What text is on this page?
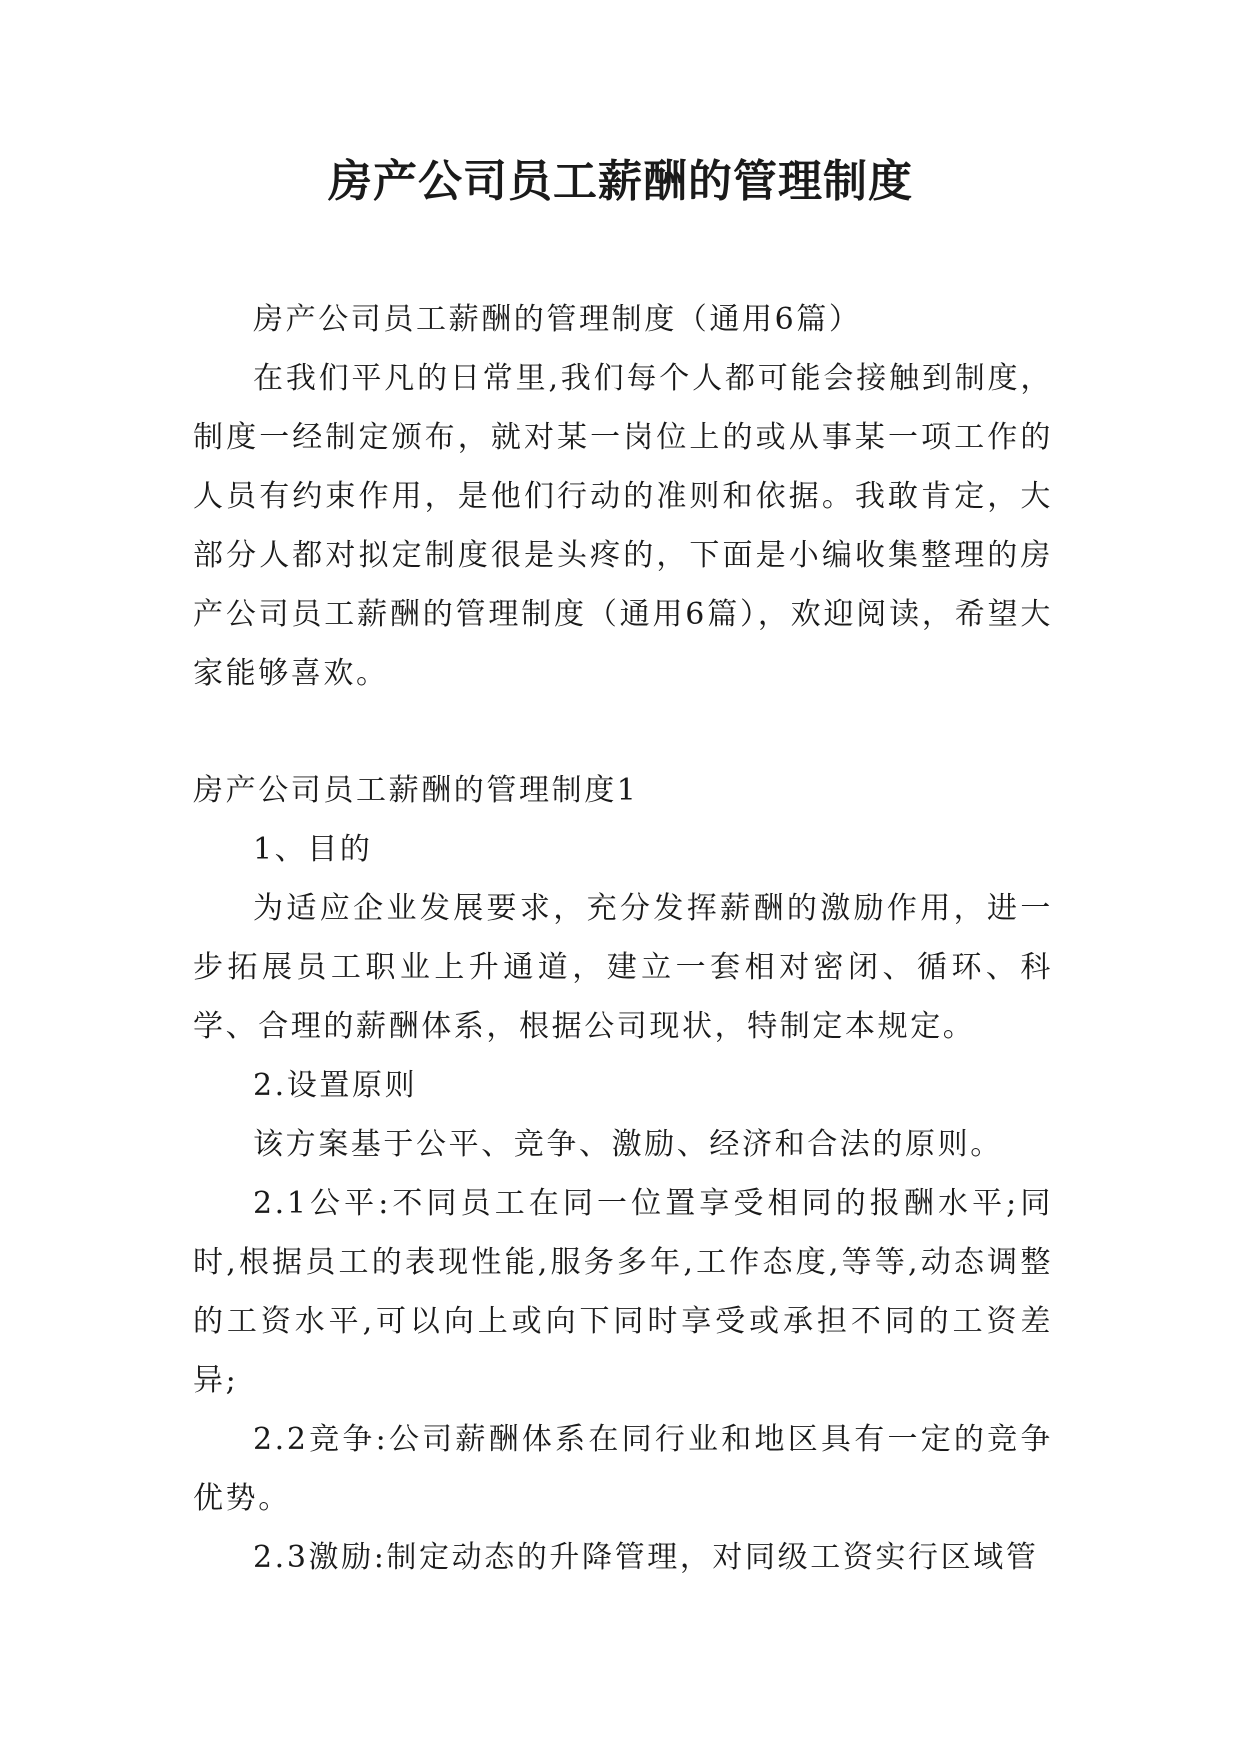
房产公司员工薪酬的管理制度

房产公司员工薪酬的管理制度（通用6篇）

在我们平凡的日常里,我们每个人都可能会接触到制度，制度一经制定颁布，就对某一岗位上的或从事某一项工作的人员有约束作用，是他们行动的准则和依据。我敢肯定，大部分人都对拟定制度很是头疼的，下面是小编收集整理的房产公司员工薪酬的管理制度（通用6篇），欢迎阅读，希望大家能够喜欢。

房产公司员工薪酬的管理制度1

1、目的

为适应企业发展要求，充分发挥薪酬的激励作用，进一步拓展员工职业上升通道，建立一套相对密闭、循环、科学、合理的薪酬体系，根据公司现状，特制定本规定。

2.设置原则

该方案基于公平、竞争、激励、经济和合法的原则。

2.1公平:不同员工在同一位置享受相同的报酬水平;同时,根据员工的表现性能,服务多年,工作态度,等等,动态调整的工资水平,可以向上或向下同时享受或承担不同的工资差异;

2.2竞争:公司薪酬体系在同行业和地区具有一定的竞争优势。

2.3激励:制定动态的升降管理，对同级工资实行区域管
